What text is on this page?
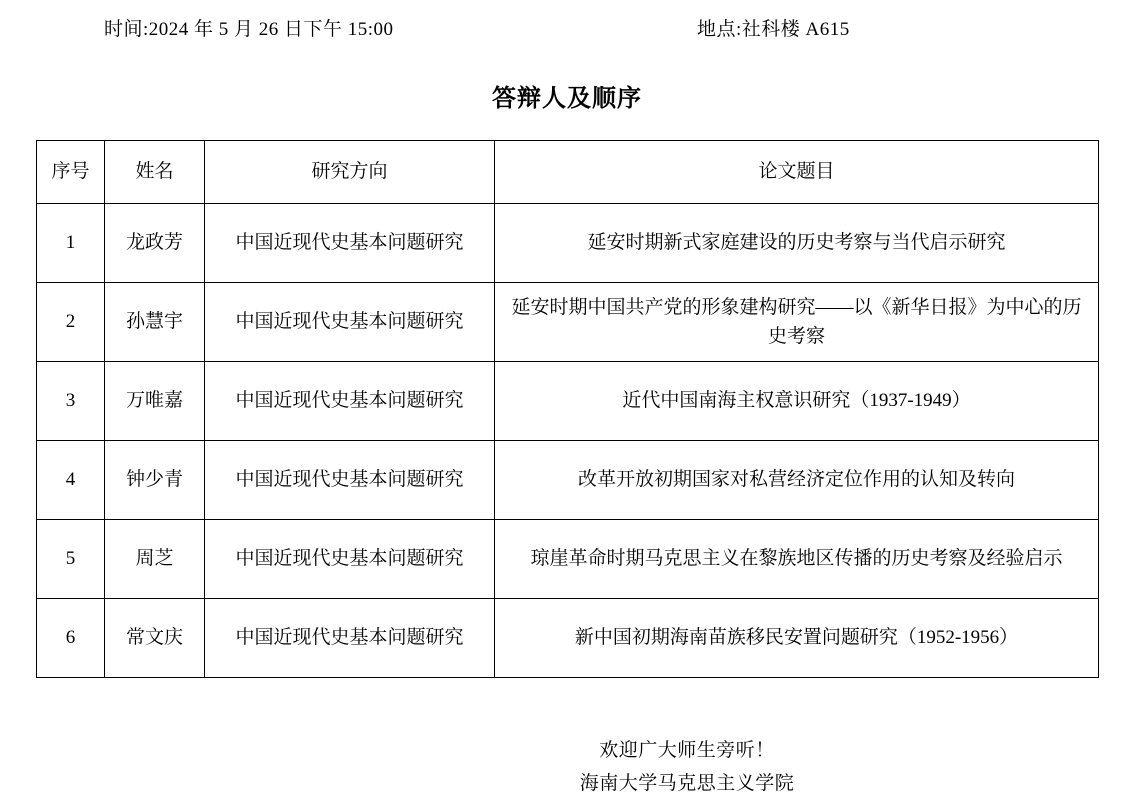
时间:2024 年 5 月 26 日下午 15:00	地点:社科楼 A615
答辩人及顺序
序号	姓名	研究方向	论文题目
1	龙政芳	中国近现代史基本问题研究	延安时期新式家庭建设的历史考察与当代启示研究
2	孙慧宇	中国近现代史基本问题研究	延安时期中国共产党的形象建构研究——以《新华日报》为中心的历史考察
3	万唯嘉	中国近现代史基本问题研究	近代中国南海主权意识研究（1937-1949）
4	钟少青	中国近现代史基本问题研究	改革开放初期国家对私营经济定位作用的认知及转向
5	周芝	中国近现代史基本问题研究	琼崖革命时期马克思主义在黎族地区传播的历史考察及经验启示
6	常文庆	中国近现代史基本问题研究	新中国初期海南苗族移民安置问题研究（1952-1956）
欢迎广大师生旁听！
海南大学马克思主义学院
